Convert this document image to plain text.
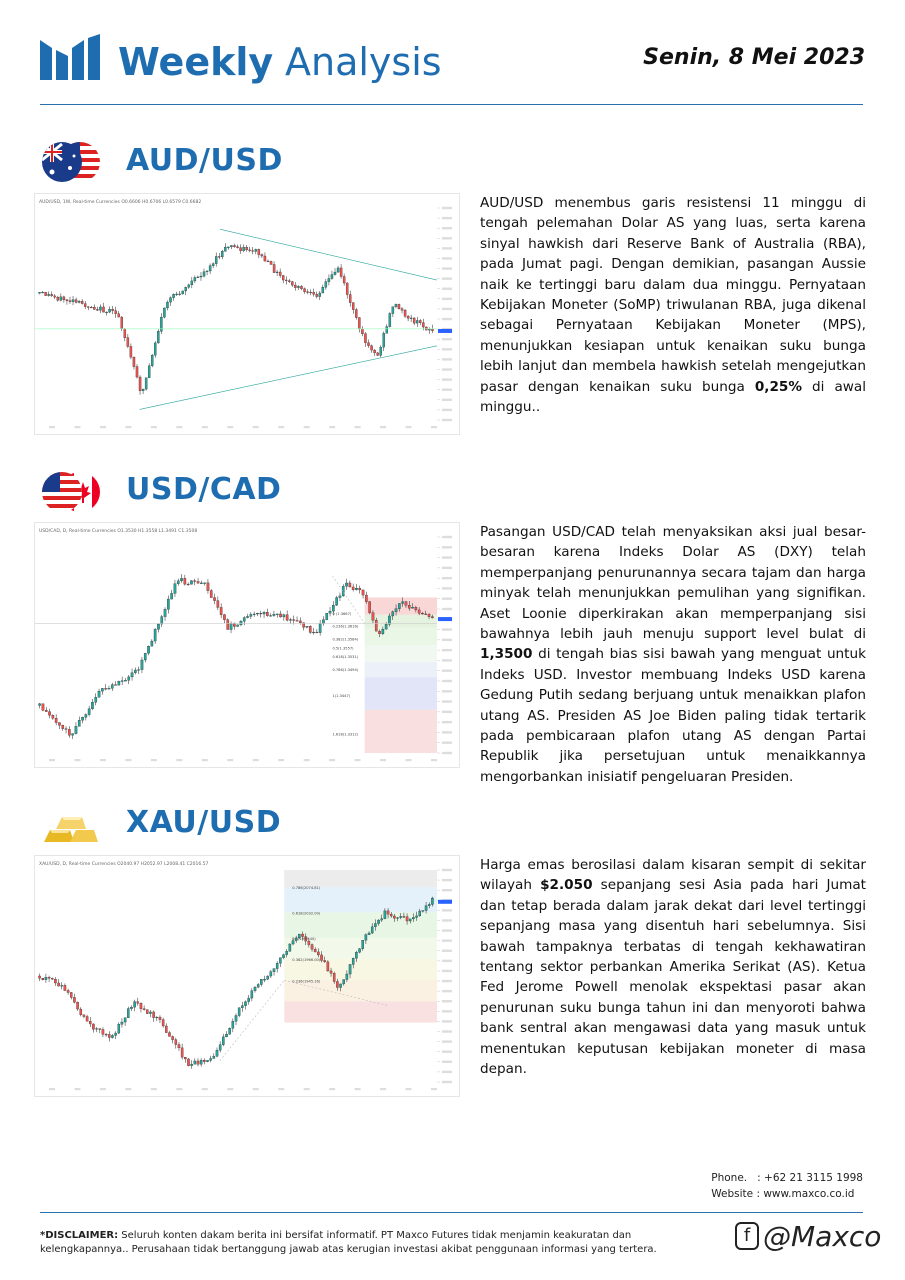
Weekly Analysis	Senin, 8 Mei 2023
AUD/USD
AUD/USD, 1W, Real-time Currencies O0.6606 H0.6706 L0.6579 C0.6682	AUD/USD menembus garis resistensi 11 minggu di tengah pelemahan Dolar AS yang luas, serta karena sinyal hawkish dari Reserve Bank of Australia (RBA), pada Jumat pagi. Dengan demikian, pasangan Aussie naik ke tertinggi baru dalam dua minggu. Pernyataan Kebijakan Moneter (SoMP) triwulanan RBA, juga dikenal sebagai Pernyataan Kebijakan Moneter (MPS), menunjukkan kesiapan untuk kenaikan suku bunga lebih lanjut dan membela hawkish setelah mengejutkan pasar dengan kenaikan suku bunga 0,25% di awal minggu..
USD/CAD
USD/CAD, D, Real-time Currencies O1.3530 H1.3558 L1.3491 C1.3508
0 (1.3667)
0.236(1.3616)
0.382(1.3584)
0.5(1.3557)
0.618(1.3531)
0.786(1.3494)
1(1.3447)
1.618(1.3312)
Pasangan USD/CAD telah menyaksikan aksi jual besar-besaran karena Indeks Dolar AS (DXY) telah memperpanjang penurunannya secara tajam dan harga minyak telah menunjukkan pemulihan yang signifikan. Aset Loonie diperkirakan akan memperpanjang sisi bawahnya lebih jauh menuju support level bulat di 1,3500 di tengah bias sisi bawah yang menguat untuk Indeks USD. Investor membuang Indeks USD karena Gedung Putih sedang berjuang untuk menaikkan plafon utang AS. Presiden AS Joe Biden paling tidak tertarik pada pembicaraan plafon utang AS dengan Partai Republik jika persetujuan untuk menaikkannya mengorbankan inisiatif pengeluaran Presiden.
XAU/USD
XAU/USD, D, Real-time Currencies O2040.97 H2052.97 L2008.41 C2016.57
0.786(2074.81)
0.618(2032.09)
0.5(1999.40)
0.382(1966.00)
0.236(1945.16)
Harga emas berosilasi dalam kisaran sempit di sekitar wilayah $2.050 sepanjang sesi Asia pada hari Jumat dan tetap berada dalam jarak dekat dari level tertinggi sepanjang masa yang disentuh hari sebelumnya. Sisi bawah tampaknya terbatas di tengah kekhawatiran tentang sektor perbankan Amerika Serikat (AS). Ketua Fed Jerome Powell menolak ekspektasi pasar akan penurunan suku bunga tahun ini dan menyoroti bahwa bank sentral akan mengawasi data yang masuk untuk menentukan keputusan kebijakan moneter di masa depan.
Phone. : +62 21 3115 1998
Website : www.maxco.co.id
*DISCLAIMER: Seluruh konten dakam berita ini bersifat informatif. PT Maxco Futures tidak menjamin keakuratan dan kelengkapannya.. Perusahaan tidak bertanggung jawab atas kerugian investasi akibat penggunaan informasi yang tertera.
f @Maxco
